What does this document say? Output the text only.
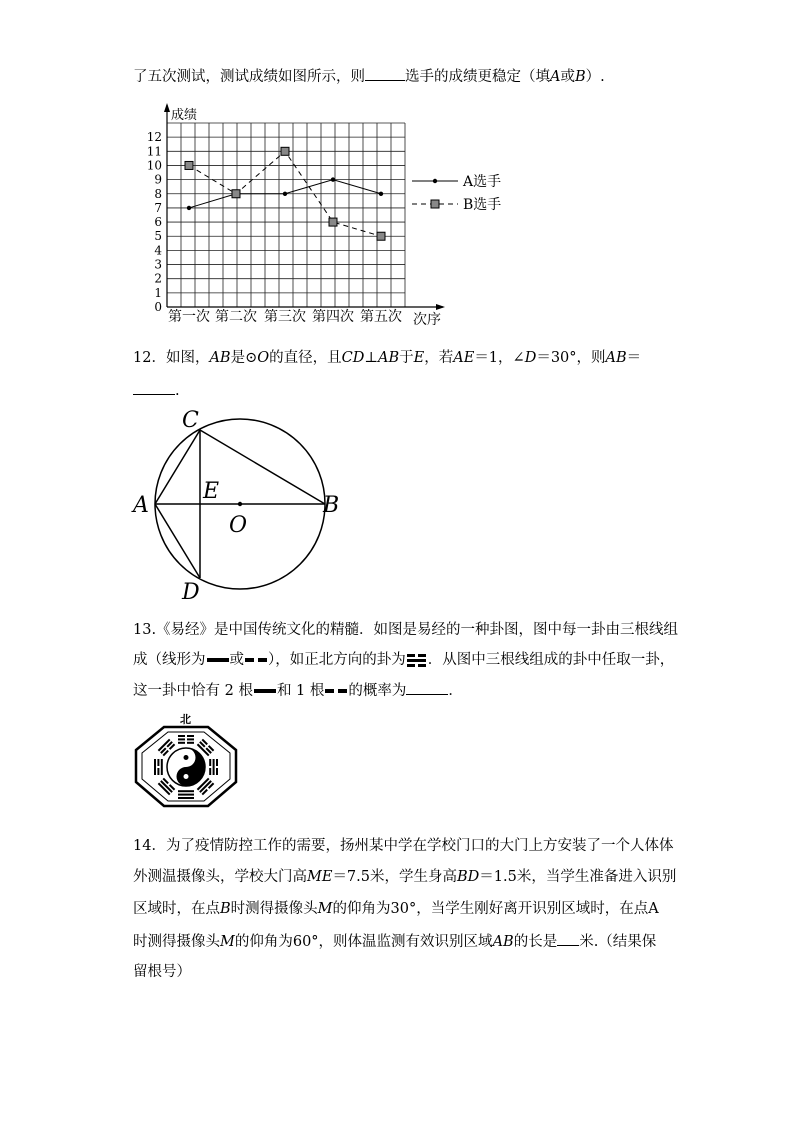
了五次测试，测试成绩如图所示，则	选手的成绩更稳定（填A或B）.
成绩
次序
0
1
2
3
4
5
6
7
8
9
10
11
12
第一次 第二次 第三次 第四次 第五次
A选手
B选手
12．如图，AB是⊙O的直径，且CD⊥AB于E，若AE＝1，∠D＝30°，则AB＝
.
C
A
E
O
B
D
13.《易经》是中国传统文化的精髓．如图是易经的一种卦图，图中每一卦由三根线组
成（线形为 或 ），如正北方向的卦为 ．从图中三根线组成的卦中任取一卦，
这一卦中恰有 2 根 和 1 根 的概率为	．
北
14．为了疫情防控工作的需要，扬州某中学在学校门口的大门上方安装了一个人体体
外测温摄像头，学校大门高ME＝7.5米，学生身高BD＝1.5米，当学生准备进入识别
区域时，在点B时测得摄像头M的仰角为30°，当学生刚好离开识别区域时，在点A
时测得摄像头M的仰角为60°，则体温监测有效识别区域AB的长是 米.（结果保
留根号）
